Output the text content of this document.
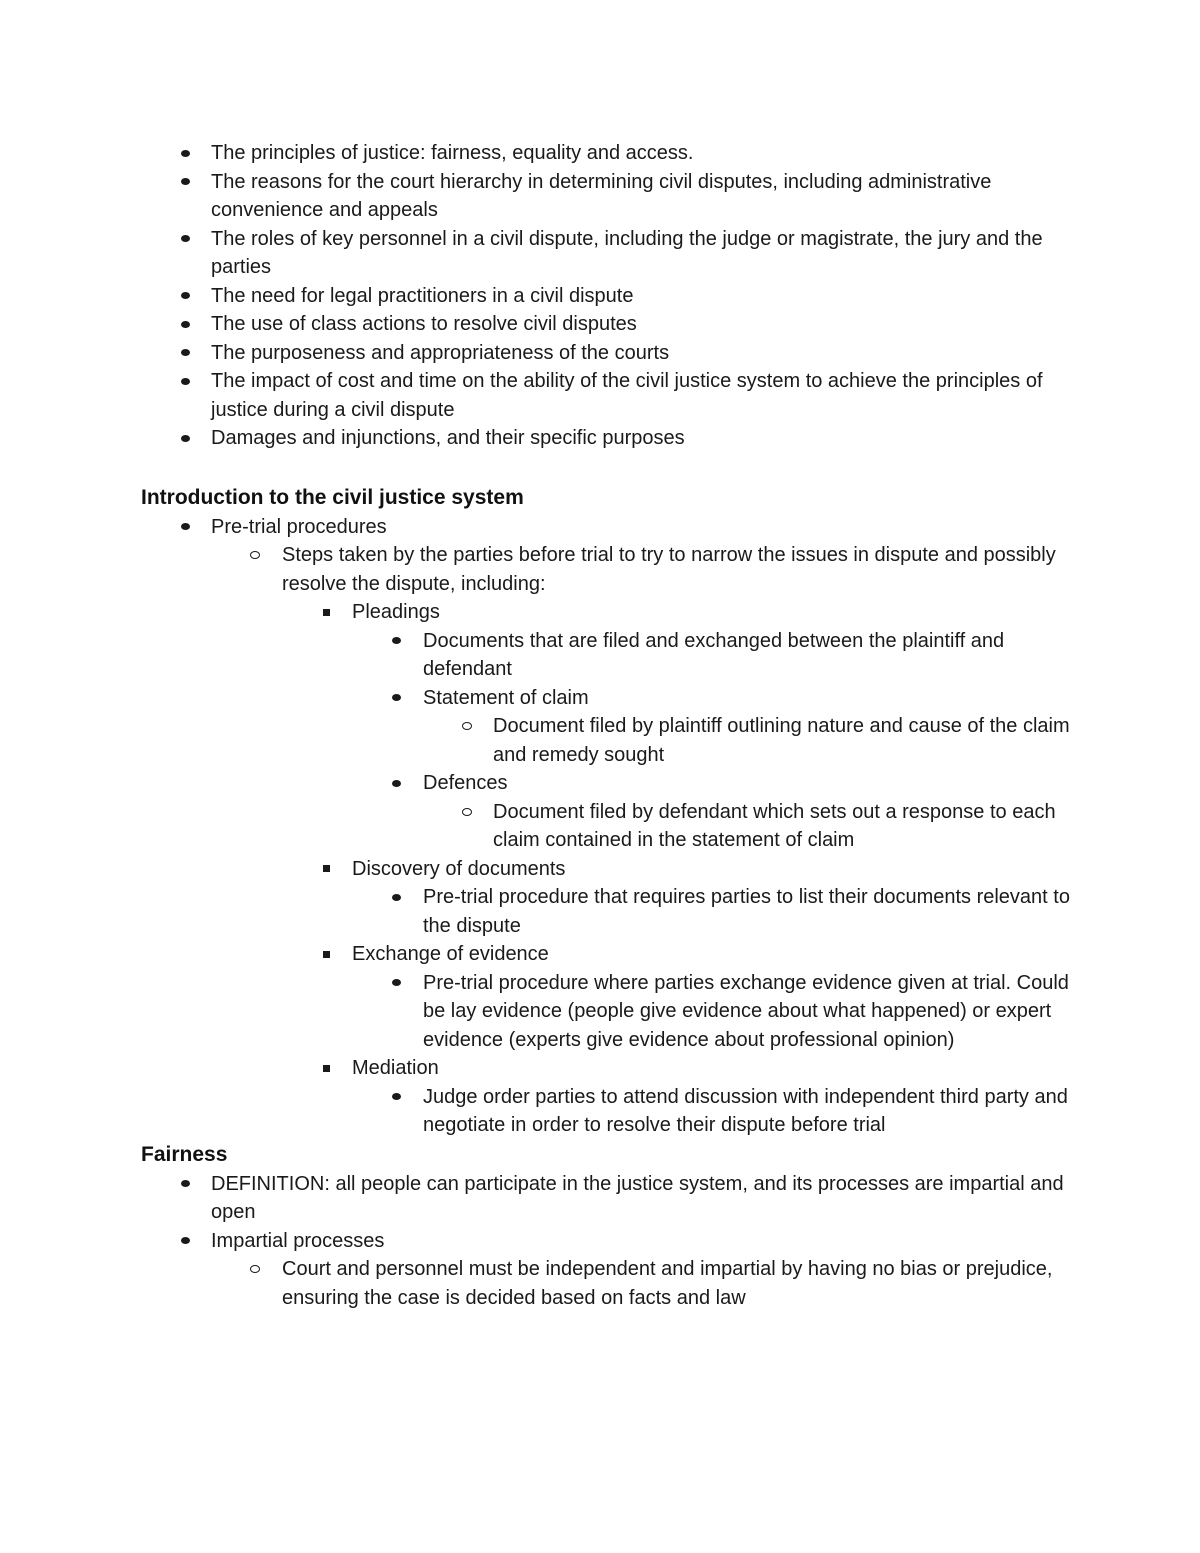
The principles of justice: fairness, equality and access.
The reasons for the court hierarchy in determining civil disputes, including administrative convenience and appeals
The roles of key personnel in a civil dispute, including the judge or magistrate, the jury and the parties
The need for legal practitioners in a civil dispute
The use of class actions to resolve civil disputes
The purposeness and appropriateness of the courts
The impact of cost and time on the ability of the civil justice system to achieve the principles of justice during a civil dispute
Damages and injunctions, and their specific purposes
Introduction to the civil justice system
Pre-trial procedures
Steps taken by the parties before trial to try to narrow the issues in dispute and possibly resolve the dispute, including:
Pleadings
Documents that are filed and exchanged between the plaintiff and defendant
Statement of claim
Document filed by plaintiff outlining nature and cause of the claim and remedy sought
Defences
Document filed by defendant which sets out a response to each claim contained in the statement of claim
Discovery of documents
Pre-trial procedure that requires parties to list their documents relevant to the dispute
Exchange of evidence
Pre-trial procedure where parties exchange evidence given at trial. Could be lay evidence (people give evidence about what happened) or expert evidence (experts give evidence about professional opinion)
Mediation
Judge order parties to attend discussion with independent third party and negotiate in order to resolve their dispute before trial
Fairness
DEFINITION: all people can participate in the justice system, and its processes are impartial and open
Impartial processes
Court and personnel must be independent and impartial by having no bias or prejudice, ensuring the case is decided based on facts and law
